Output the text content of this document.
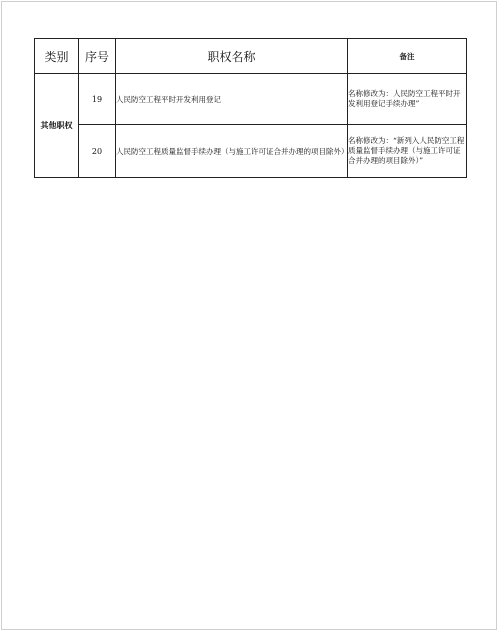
类别	序号	职权名称	备注
其他职权	19	人民防空工程平时开发利用登记	名称修改为：人民防空工程平时开发利用登记手续办理”
	20	人民防空工程质量监督手续办理（与施工许可证合并办理的项目除外）	名称修改为：“新列入人民防空工程质量监督手续办理（与施工许可证合并办理的项目除外）”
